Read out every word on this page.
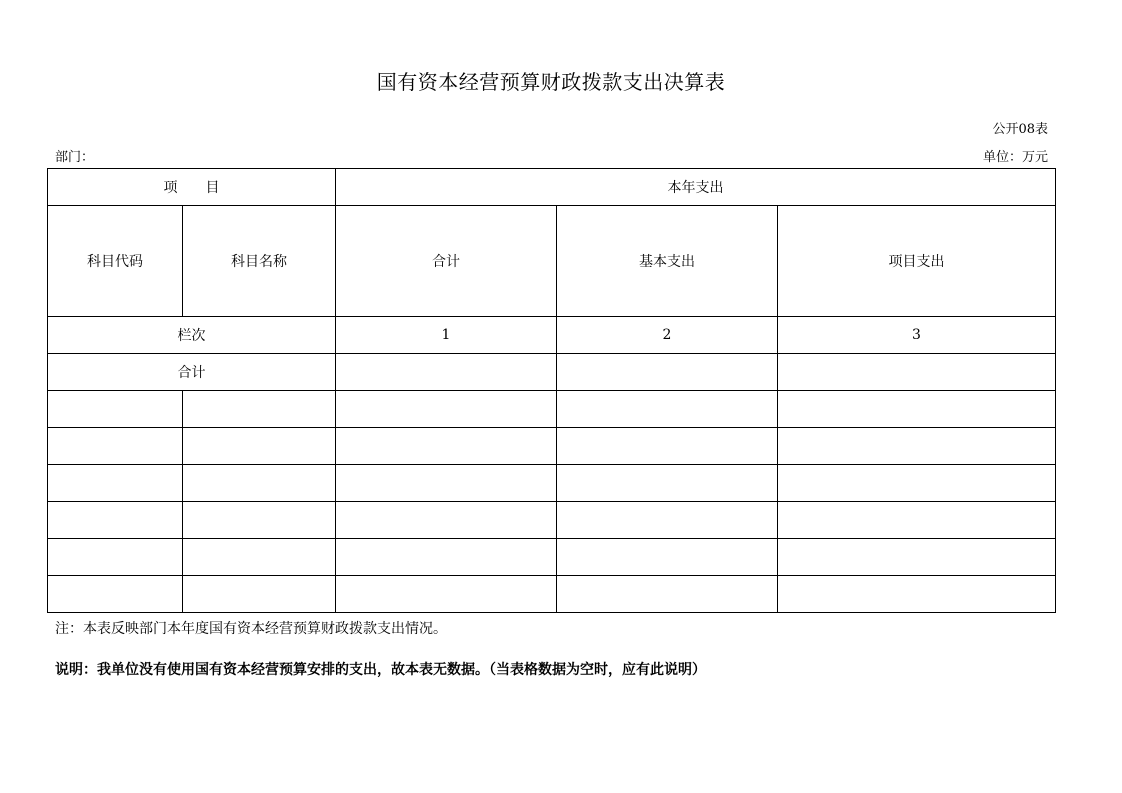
国有资本经营预算财政拨款支出决算表
公开08表
部门：	单位：万元
项　　目		本年支出		
科目代码	科目名称	合计	基本支出	项目支出
栏次		1	2	3
合计				

注：本表反映部门本年度国有资本经营预算财政拨款支出情况。
说明：我单位没有使用国有资本经营预算安排的支出，故本表无数据。（当表格数据为空时，应有此说明）
